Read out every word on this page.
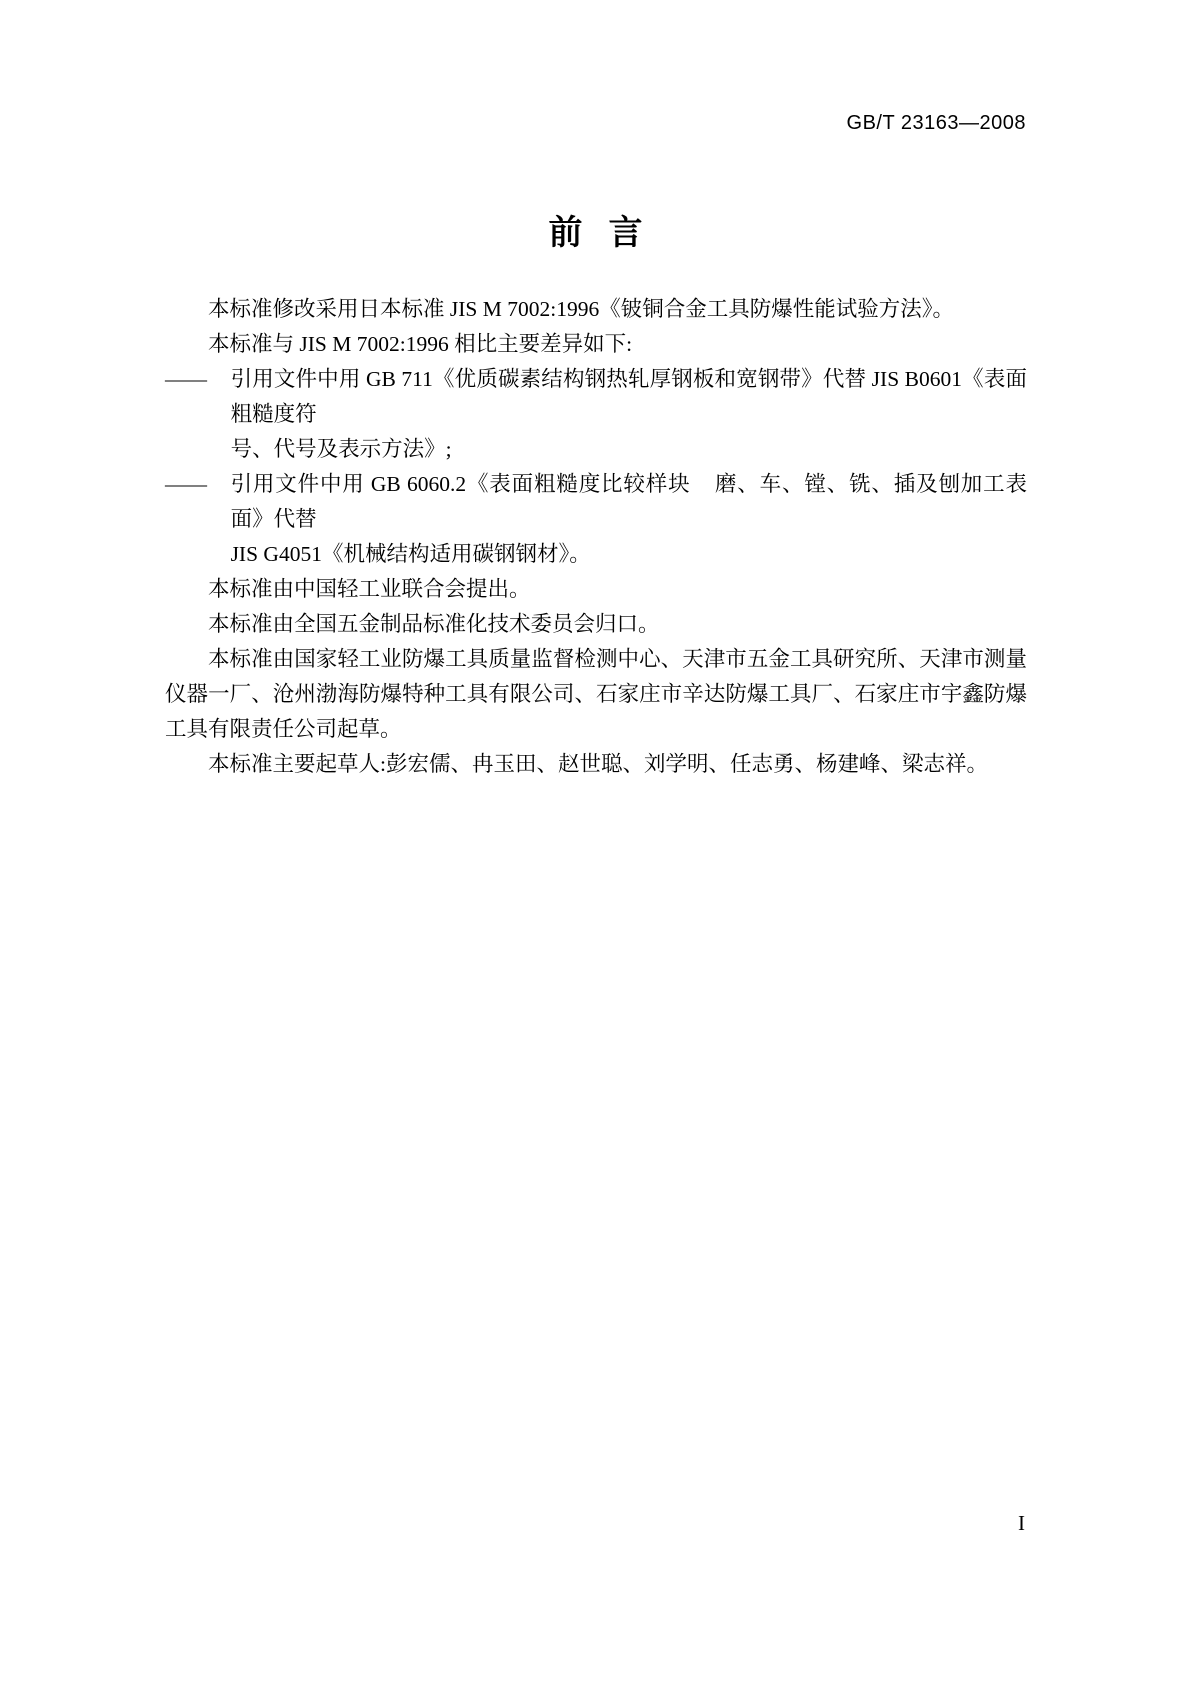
GB/T 23163—2008
前言

本标准修改采用日本标准 JIS M 7002:1996《铍铜合金工具防爆性能试验方法》。

本标准与 JIS M 7002:1996 相比主要差异如下:

—— 引用文件中用 GB 711《优质碳素结构钢热轧厚钢板和宽钢带》代替 JIS B0601《表面粗糙度符
号、代号及表示方法》;
—— 引用文件中用 GB 6060.2《表面粗糙度比较样块 磨、车、镗、铣、插及刨加工表面》代替
JIS G4051《机械结构适用碳钢钢材》。

本标准由中国轻工业联合会提出。

本标准由全国五金制品标准化技术委员会归口。

本标准由国家轻工业防爆工具质量监督检测中心、天津市五金工具研究所、天津市测量仪器一厂、沧州渤海防爆特种工具有限公司、石家庄市辛达防爆工具厂、石家庄市宇鑫防爆工具有限责任公司起草。

本标准主要起草人:彭宏儒、冉玉田、赵世聪、刘学明、任志勇、杨建峰、梁志祥。

I
